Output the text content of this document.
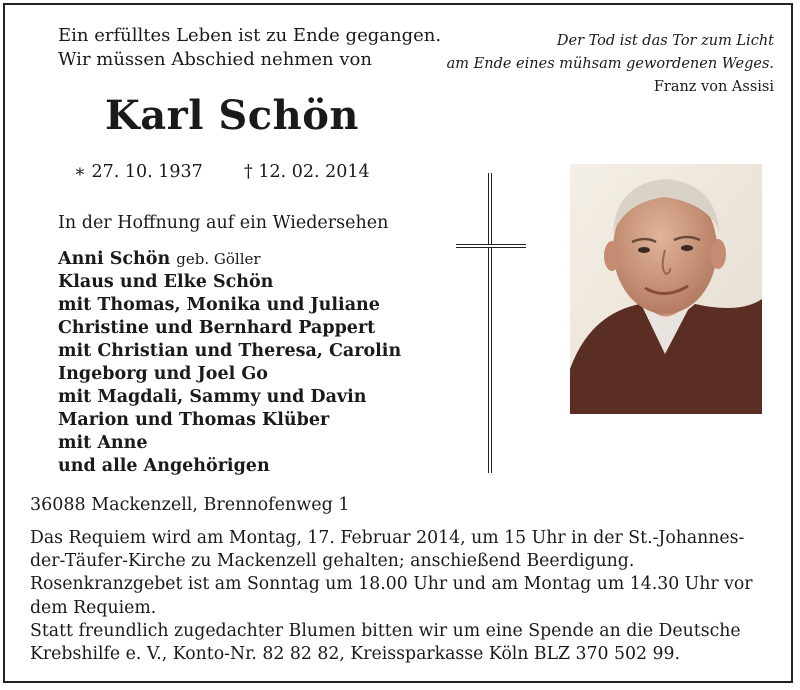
Ein erfülltes Leben ist zu Ende gegangen.
Wir müssen Abschied nehmen von
Der Tod ist das Tor zum Licht
am Ende eines mühsam gewordenen Weges.
Franz von Assisi
Karl Schön
∗ 27. 10. 1937 † 12. 02. 2014
In der Hoffnung auf ein Wiedersehen
Anni Schön geb. Göller
Klaus und Elke Schön
mit Thomas, Monika und Juliane
Christine und Bernhard Pappert
mit Christian und Theresa, Carolin
Ingeborg und Joel Go
mit Magdali, Sammy und Davin
Marion und Thomas Klüber
mit Anne
und alle Angehörigen
36088 Mackenzell, Brennofenweg 1

Das Requiem wird am Montag, 17. Februar 2014, um 15 Uhr in der St.-Johannes-der-Täufer-Kirche zu Mackenzell gehalten; anschießend Beerdigung.

Rosenkranzgebet ist am Sonntag um 18.00 Uhr und am Montag um 14.30 Uhr vor dem Requiem.

Statt freundlich zugedachter Blumen bitten wir um eine Spende an die Deutsche Krebshilfe e. V., Konto-Nr. 82 82 82, Kreissparkasse Köln BLZ 370 502 99.
